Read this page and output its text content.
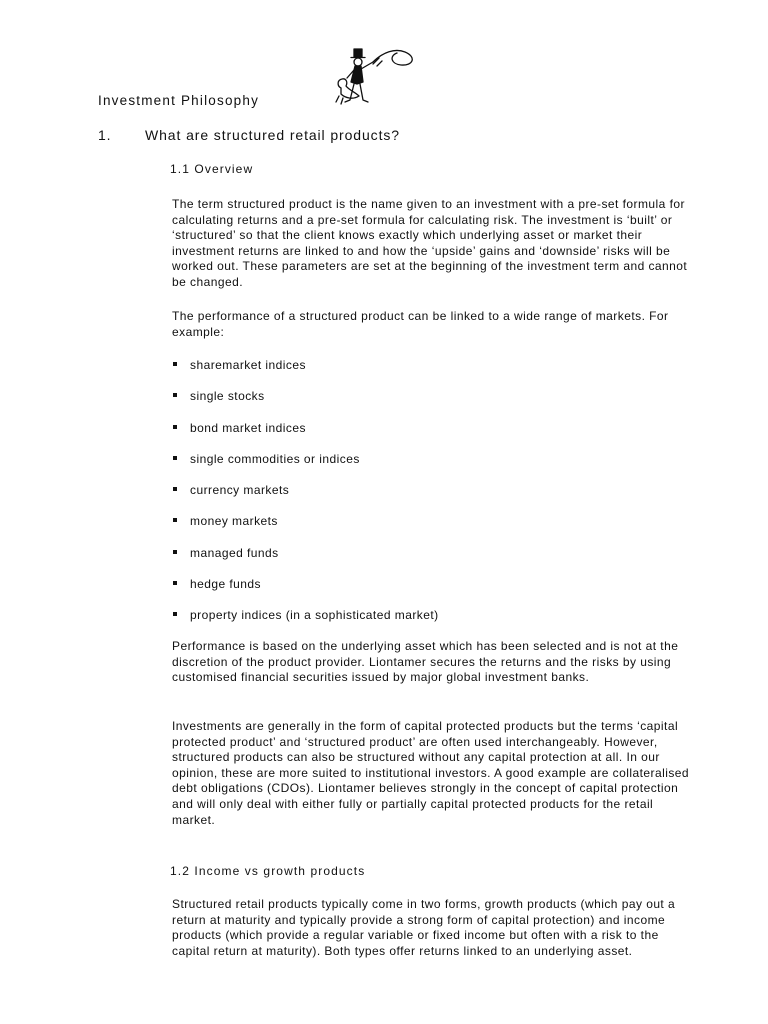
Investment Philosophy
1.	What are structured retail products?
1.1 Overview

The term structured product is the name given to an investment with a pre-set formula for calculating returns and a pre-set formula for calculating risk. The investment is ‘built’ or ‘structured’ so that the client knows exactly which underlying asset or market their investment returns are linked to and how the ‘upside’ gains and ‘downside’ risks will be worked out. These parameters are set at the beginning of the investment term and cannot be changed.

The performance of a structured product can be linked to a wide range of markets. For example:

sharemarket indices
single stocks
bond market indices
single commodities or indices
currency markets
money markets
managed funds
hedge funds
property indices (in a sophisticated market)

Performance is based on the underlying asset which has been selected and is not at the discretion of the product provider. Liontamer secures the returns and the risks by using customised financial securities issued by major global investment banks.

Investments are generally in the form of capital protected products but the terms ‘capital protected product’ and ‘structured product’ are often used interchangeably. However, structured products can also be structured without any capital protection at all. In our opinion, these are more suited to institutional investors. A good example are collateralised debt obligations (CDOs). Liontamer believes strongly in the concept of capital protection and will only deal with either fully or partially capital protected products for the retail market.

1.2 Income vs growth products

Structured retail products typically come in two forms, growth products (which pay out a return at maturity and typically provide a strong form of capital protection) and income products (which provide a regular variable or fixed income but often with a risk to the capital return at maturity). Both types offer returns linked to an underlying asset.
